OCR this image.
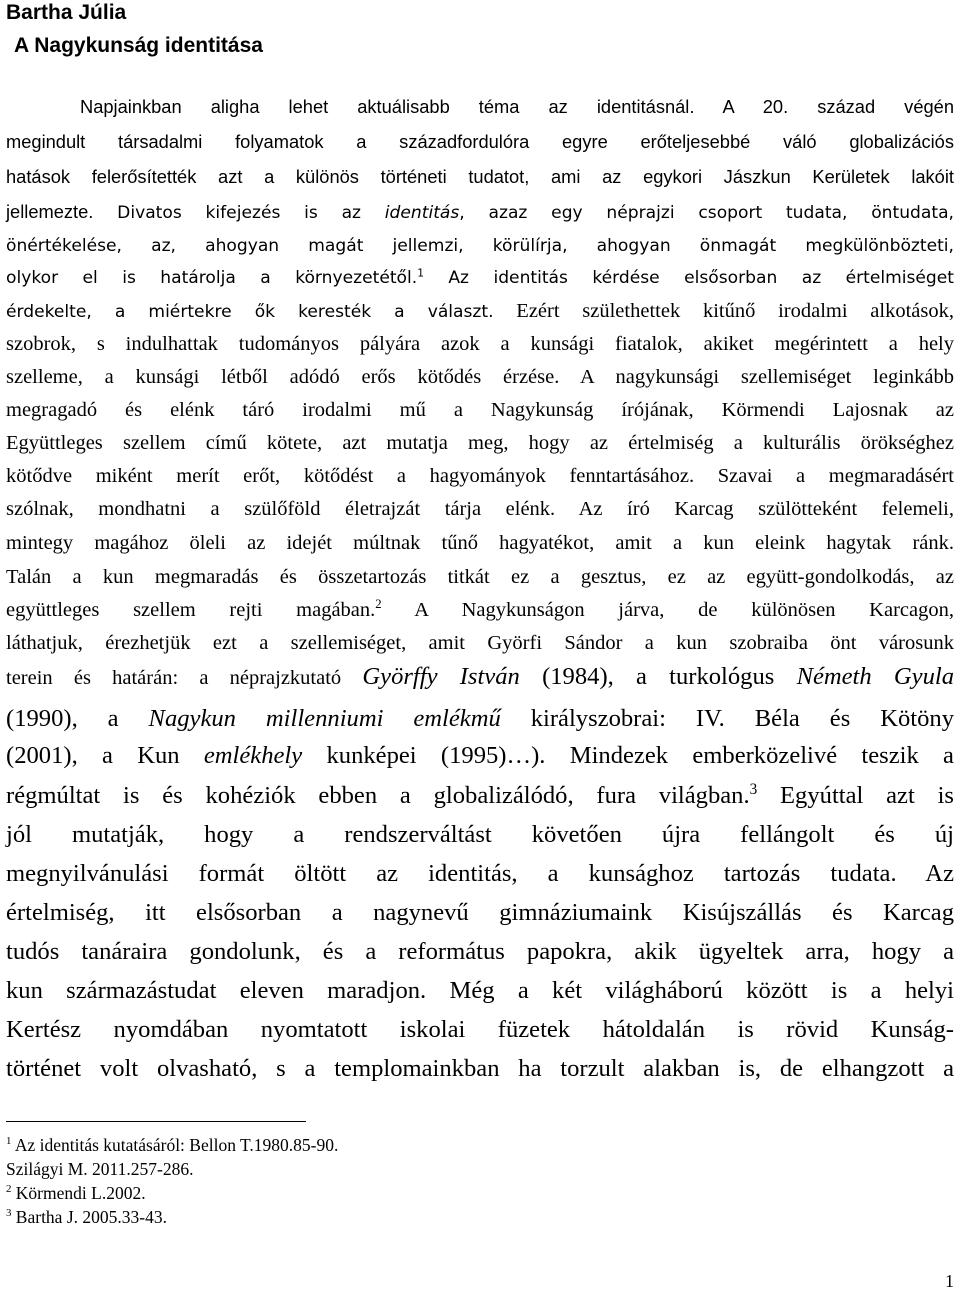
Bartha Júlia
A Nagykunság identitása
Napjainkban aligha lehet aktuálisabb téma az identitásnál. A 20. század végén
megindult társadalmi folyamatok a századfordulóra egyre erőteljesebbé váló globalizációs
hatások felerősítették azt a különös történeti tudatot, ami az egykori Jászkun Kerületek lakóit
jellemezte. Divatos kifejezés is az identitás, azaz egy néprajzi csoport tudata, öntudata,
önértékelése, az, ahogyan magát jellemzi, körülírja, ahogyan önmagát megkülönbözteti,
olykor el is határolja a környezetétől.$^1$ Az identitás kérdése elsősorban az értelmiséget
érdekelte, a miértekre ők keresték a választ. Ezért születhettek kitűnő irodalmi alkotások,
szobrok, s indulhattak tudományos pályára azok a kunsági fiatalok, akiket megérintett a hely
szelleme, a kunsági létből adódó erős kötődés érzése. A nagykunsági szellemiséget leginkább
megragadó és elénk táró irodalmi mű a Nagykunság írójának, Körmendi Lajosnak az
Együttleges szellem című kötete, azt mutatja meg, hogy az értelmiség a kulturális örökséghez
kötődve miként merít erőt, kötődést a hagyományok fenntartásához. Szavai a megmaradásért
szólnak, mondhatni a szülőföld életrajzát tárja elénk. Az író Karcag szülötteként felemeli,
mintegy magához öleli az idejét múltnak tűnő hagyatékot, amit a kun eleink hagytak ránk.
Talán a kun megmaradás és összetartozás titkát ez a gesztus, ez az együtt-gondolkodás, az
együttleges szellem rejti magában.$^2$ A Nagykunságon járva, de különösen Karcagon,
láthatjuk, érezhetjük ezt a szellemiséget, amit Györfi Sándor a kun szobraiba önt városunk
terein és határán: a néprajzkutató Györffy István (1984), a turkológus Németh Gyula
(1990), a Nagykun millenniumi emlékmű királyszobrai: IV. Béla és Kötöny
(2001), a Kun emlékhely kunképei (1995)…). Mindezek emberközelivé teszik a
régmúltat is és kohéziók ebben a globalizálódó, fura világban.$^3$ Egyúttal azt is
jól mutatják, hogy a rendszerváltást követően újra fellángolt és új
megnyilvánulási formát öltött az identitás, a kunsághoz tartozás tudata. Az
értelmiség, itt elsősorban a nagynevű gimnáziumaink Kisújszállás és Karcag
tudós tanáraira gondolunk, és a református papokra, akik ügyeltek arra, hogy a
kun származástudat eleven maradjon. Még a két világháború között is a helyi
Kertész nyomdában nyomtatott iskolai füzetek hátoldalán is rövid Kunság-
történet volt olvasható, s a templomainkban ha torzult alakban is, de elhangzott a
$^1$ Az identitás kutatásáról: Bellon T.1980.85-90.
Szilágyi M. 2011.257-286.
$^2$ Körmendi L.2002.
$^3$ Bartha J. 2005.33-43.
1
